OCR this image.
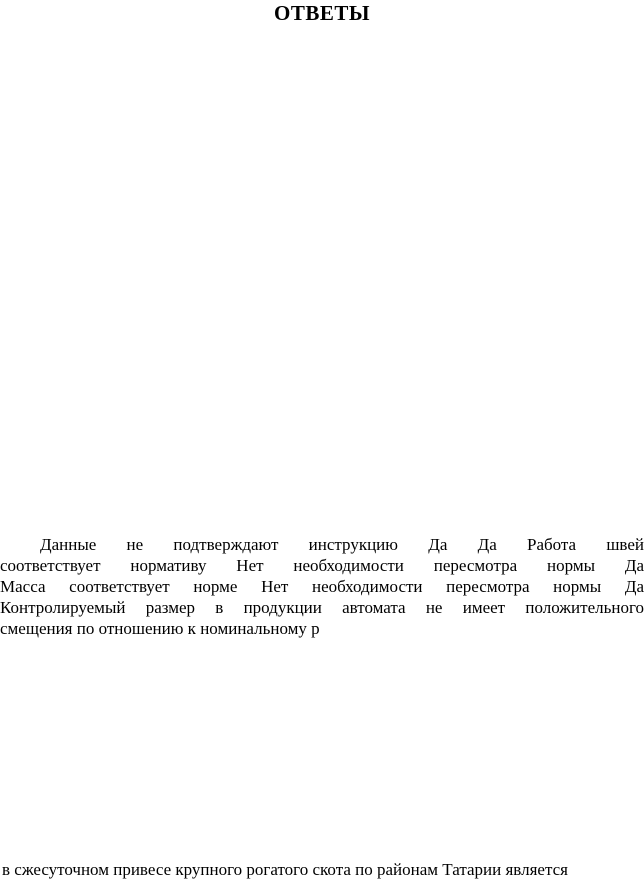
ОТВЕТЫ
Данные не подтверждают инструкцию Да Да Работа швей
соответствует нормативу Нет необходимости пересмотра нормы Да
Масса соответствует норме Нет необходимости пересмотра нормы Да
Контролируемый размер в продукции автомата не имеет положительного
смещения по отношению к номинальному р
в сжесуточном привесе крупного рогатого скота по районам Татарии является
